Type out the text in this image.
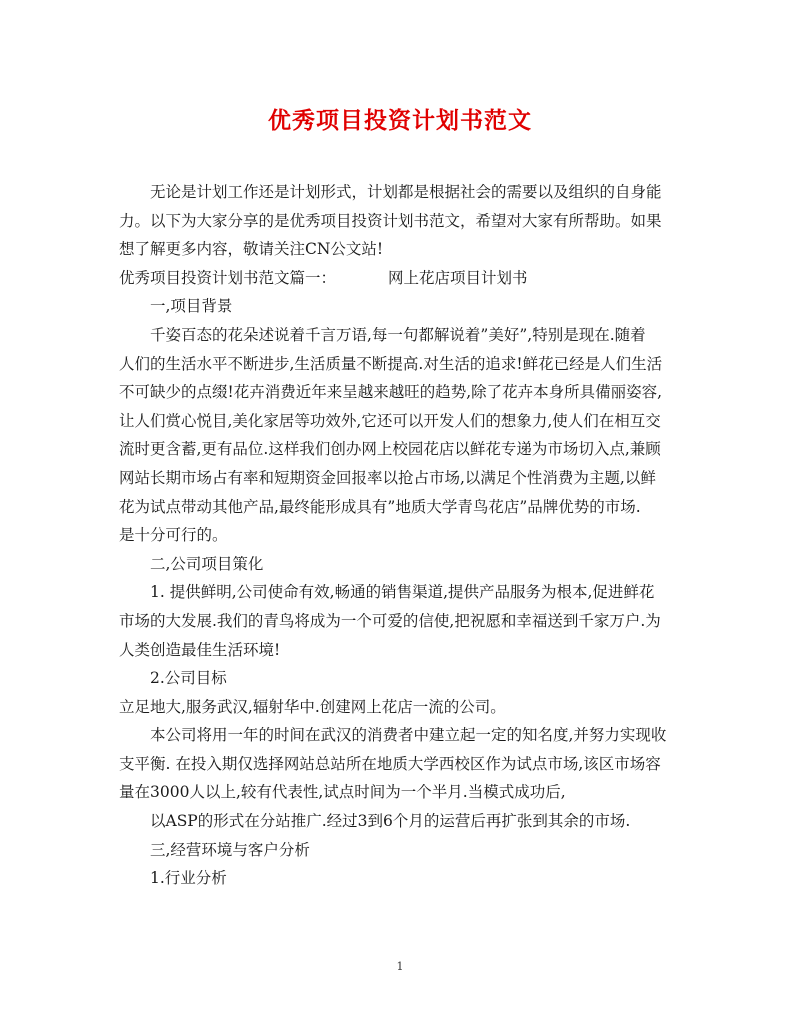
优秀项目投资计划书范文
无论是计划工作还是计划形式，计划都是根据社会的需要以及组织的自身能
力。以下为大家分享的是优秀项目投资计划书范文，希望对大家有所帮助。如果
想了解更多内容，敬请关注CN公文站!
优秀项目投资计划书范文篇一：	网上花店项目计划书
一,项目背景
千姿百态的花朵述说着千言万语,每一句都解说着”美好”,特别是现在.随着
人们的生活水平不断进步,生活质量不断提高.对生活的追求!鲜花已经是人们生活
不可缺少的点缀!花卉消费近年来呈越来越旺的趋势,除了花卉本身所具備丽姿容,
让人们赏心悦目,美化家居等功效外,它还可以开发人们的想象力,使人们在相互交
流时更含蓄,更有品位.这样我们创办网上校园花店以鲜花专递为市场切入点,兼顾
网站长期市场占有率和短期资金回报率以抢占市场,以满足个性消费为主题,以鲜
花为试点带动其他产品,最终能形成具有”地质大学青鸟花店”品牌优势的市场.
是十分可行的。
二,公司项目策化
1. 提供鲜明,公司使命有效,畅通的销售渠道,提供产品服务为根本,促进鲜花
市场的大发展.我们的青鸟将成为一个可爱的信使,把祝愿和幸福送到千家万户.为
人类创造最佳生活环境!
2.公司目标
立足地大,服务武汉,辐射华中.创建网上花店一流的公司。
本公司将用一年的时间在武汉的消费者中建立起一定的知名度,并努力实现收
支平衡. 在投入期仅选择网站总站所在地质大学西校区作为试点市场,该区市场容
量在3000人以上,较有代表性,试点时间为一个半月.当模式成功后,
以ASP的形式在分站推广.经过3到6个月的运营后再扩张到其余的市场.
三,经营环境与客户分析
1.行业分析
1
